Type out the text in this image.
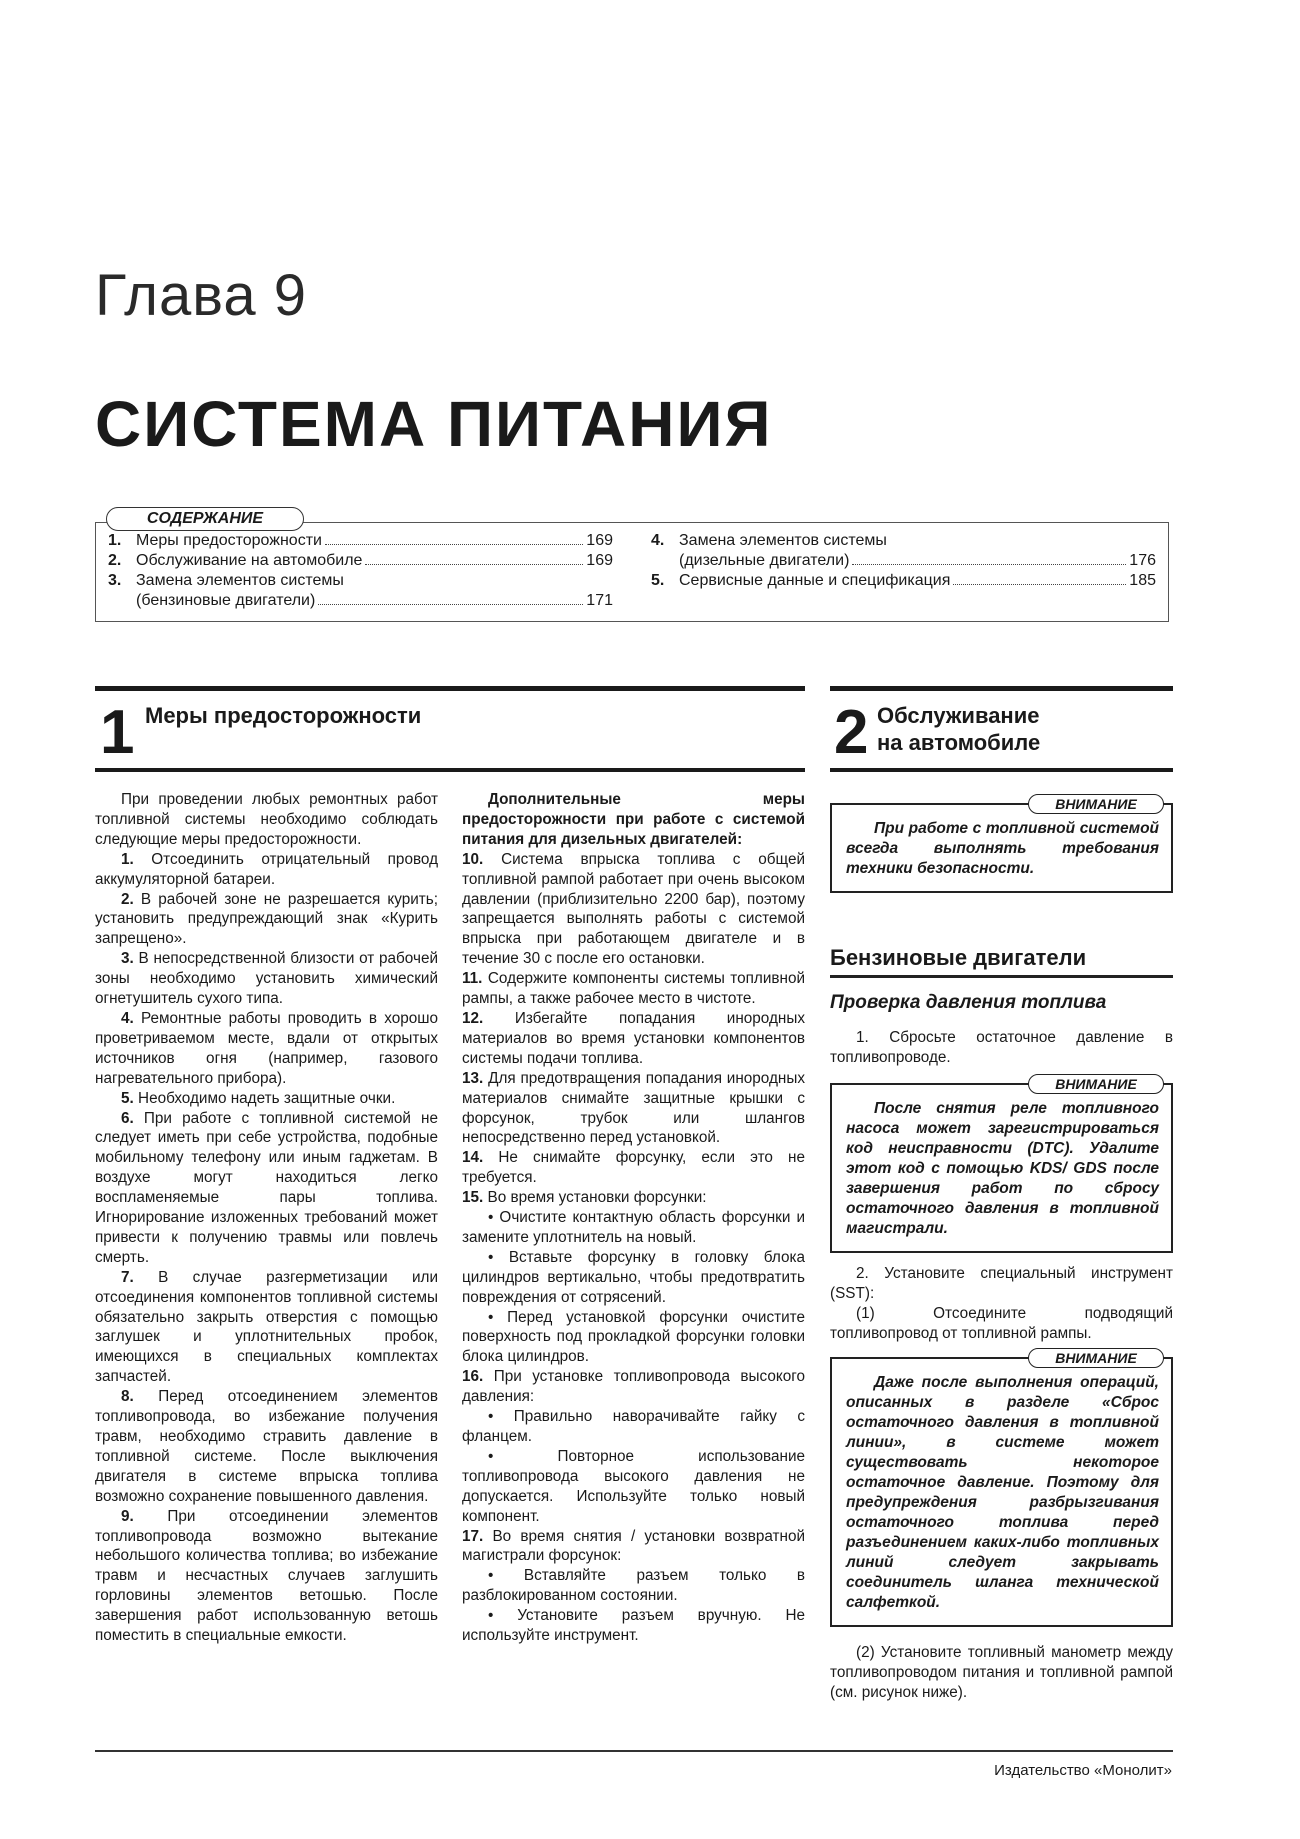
Глава 9
СИСТЕМА ПИТАНИЯ
1. Меры предосторожности	169
2. Обслуживание на автомобиле	169
3. Замена элементов системы
(бензиновые двигатели)	171
4. Замена элементов системы
(дизельные двигатели)	176
5. Сервисные данные и спецификация	185
СОДЕРЖАНИЕ
1 Меры предосторожности

При проведении любых ремонтных работ топливной системы необходимо соблюдать следующие меры предосторожности.

1. Отсоединить отрицательный провод аккумуляторной батареи.

2. В рабочей зоне не разрешается курить; установить предупреждающий знак «Курить запрещено».

3. В непосредственной близости от рабочей зоны необходимо установить химический огнетушитель сухого типа.

4. Ремонтные работы проводить в хорошо проветриваемом месте, вдали от открытых источников огня (например, газового нагревательного прибора).

5. Необходимо надеть защитные очки.

6. При работе с топливной системой не следует иметь при себе устройства, подобные мобильному телефону или иным гаджетам. В воздухе могут находиться легко воспламеняемые пары топлива. Игнорирование изложенных требований может привести к получению травмы или повлечь смерть.

7. В случае разгерметизации или отсоединения компонентов топливной системы обязательно закрыть отверстия с помощью заглушек и уплотнительных пробок, имеющихся в специальных комплектах запчастей.

8. Перед отсоединением элементов топливопровода, во избежание получения травм, необходимо стравить давление в топливной системе. После выключения двигателя в системе впрыска топлива возможно сохранение повышенного давления.

9. При отсоединении элементов топливопровода возможно вытекание небольшого количества топлива; во избежание травм и несчастных случаев заглушить горловины элементов ветошью. После завершения работ использованную ветошь поместить в специальные емкости.

Дополнительные меры предосторожности при работе с системой питания для дизельных двигателей:

10. Система впрыска топлива с общей топливной рампой работает при очень высоком давлении (приблизительно 2200 бар), поэтому запрещается выполнять работы с системой впрыска при работающем двигателе и в течение 30 с после его остановки.

11. Содержите компоненты системы топливной рампы, а также рабочее место в чистоте.

12. Избегайте попадания инородных материалов во время установки компонентов системы подачи топлива.

13. Для предотвращения попадания инородных материалов снимайте защитные крышки с форсунок, трубок или шлангов непосредственно перед установкой.

14. Не снимайте форсунку, если это не требуется.

15. Во время установки форсунки:

• Очистите контактную область форсунки и замените уплотнитель на новый.

• Вставьте форсунку в головку блока цилиндров вертикально, чтобы предотвратить повреждения от сотрясений.

• Перед установкой форсунки очистите поверхность под прокладкой форсунки головки блока цилиндров.

16. При установке топливопровода высокого давления:

• Правильно наворачивайте гайку с фланцем.

• Повторное использование топливопровода высокого давления не допускается. Используйте только новый компонент.

17. Во время снятия / установки возвратной магистрали форсунок:

• Вставляйте разъем только в разблокированном состоянии.

• Установите разъем вручную. Не используйте инструмент.

2 Обслуживание
на автомобиле

При работе с топливной системой всегда выполнять требования техники безопасности.

ВНИМАНИЕ
Бензиновые двигатели
Проверка давления топлива

1. Сбросьте остаточное давление в топливопроводе.

После снятия реле топливного насоса может зарегистрироваться код неисправности (DTC). Удалите этот код с помощью KDS/ GDS после завершения работ по сбросу остаточного давления в топливной магистрали.

ВНИМАНИЕ

2. Установите специальный инструмент (SST):

(1) Отсоедините подводящий топливопровод от топливной рампы.

Даже после выполнения операций, описанных в разделе «Сброс остаточного давления в топливной линии», в системе может существовать некоторое остаточное давление. Поэтому для предупреждения разбрызгивания остаточного топлива перед разъединением каких-либо топливных линий следует закрывать соединитель шланга технической салфеткой.

ВНИМАНИЕ

(2) Установите топливный манометр между топливопроводом питания и топливной рампой (см. рисунок ниже).

Издательство «Монолит»
